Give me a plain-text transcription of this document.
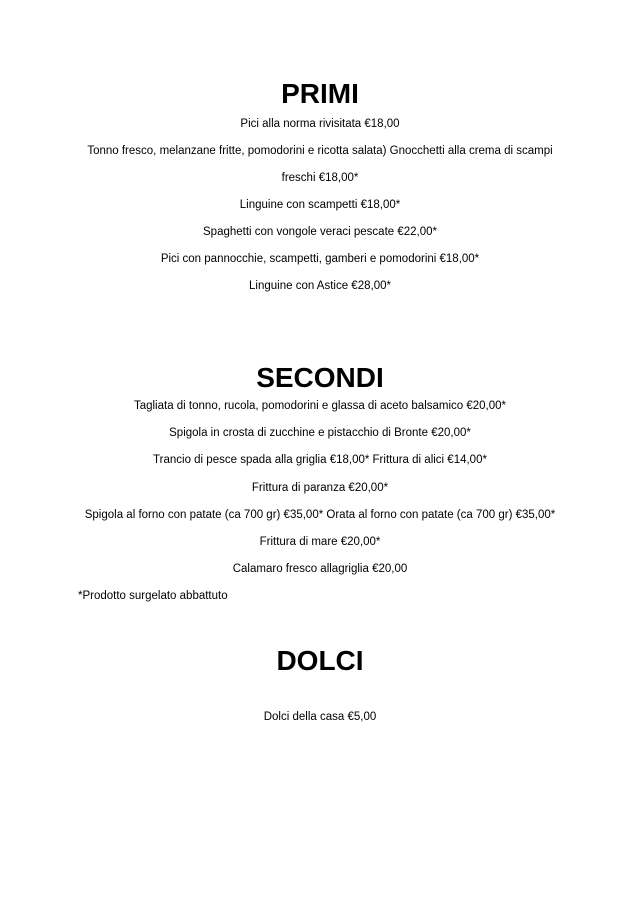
PRIMI
Pici alla norma rivisitata €18,00
Tonno fresco, melanzane fritte, pomodorini e ricotta salata) Gnocchetti alla crema di scampi
freschi €18,00*
Linguine con scampetti €18,00*
Spaghetti con vongole veraci pescate €22,00*
Pici con pannocchie, scampetti, gamberi e pomodorini €18,00*
Linguine con Astice €28,00*
SECONDI
Tagliata di tonno, rucola, pomodorini e glassa di aceto balsamico €20,00*
Spigola in crosta di zucchine e pistacchio di Bronte €20,00*
Trancio di pesce spada alla griglia €18,00* Frittura di alici €14,00*
Frittura di paranza €20,00*
Spigola al forno con patate (ca 700 gr) €35,00* Orata al forno con patate (ca 700 gr) €35,00*
Frittura di mare €20,00*
Calamaro fresco allagriglia €20,00
*Prodotto surgelato abbattuto
DOLCI
Dolci della casa €5,00
